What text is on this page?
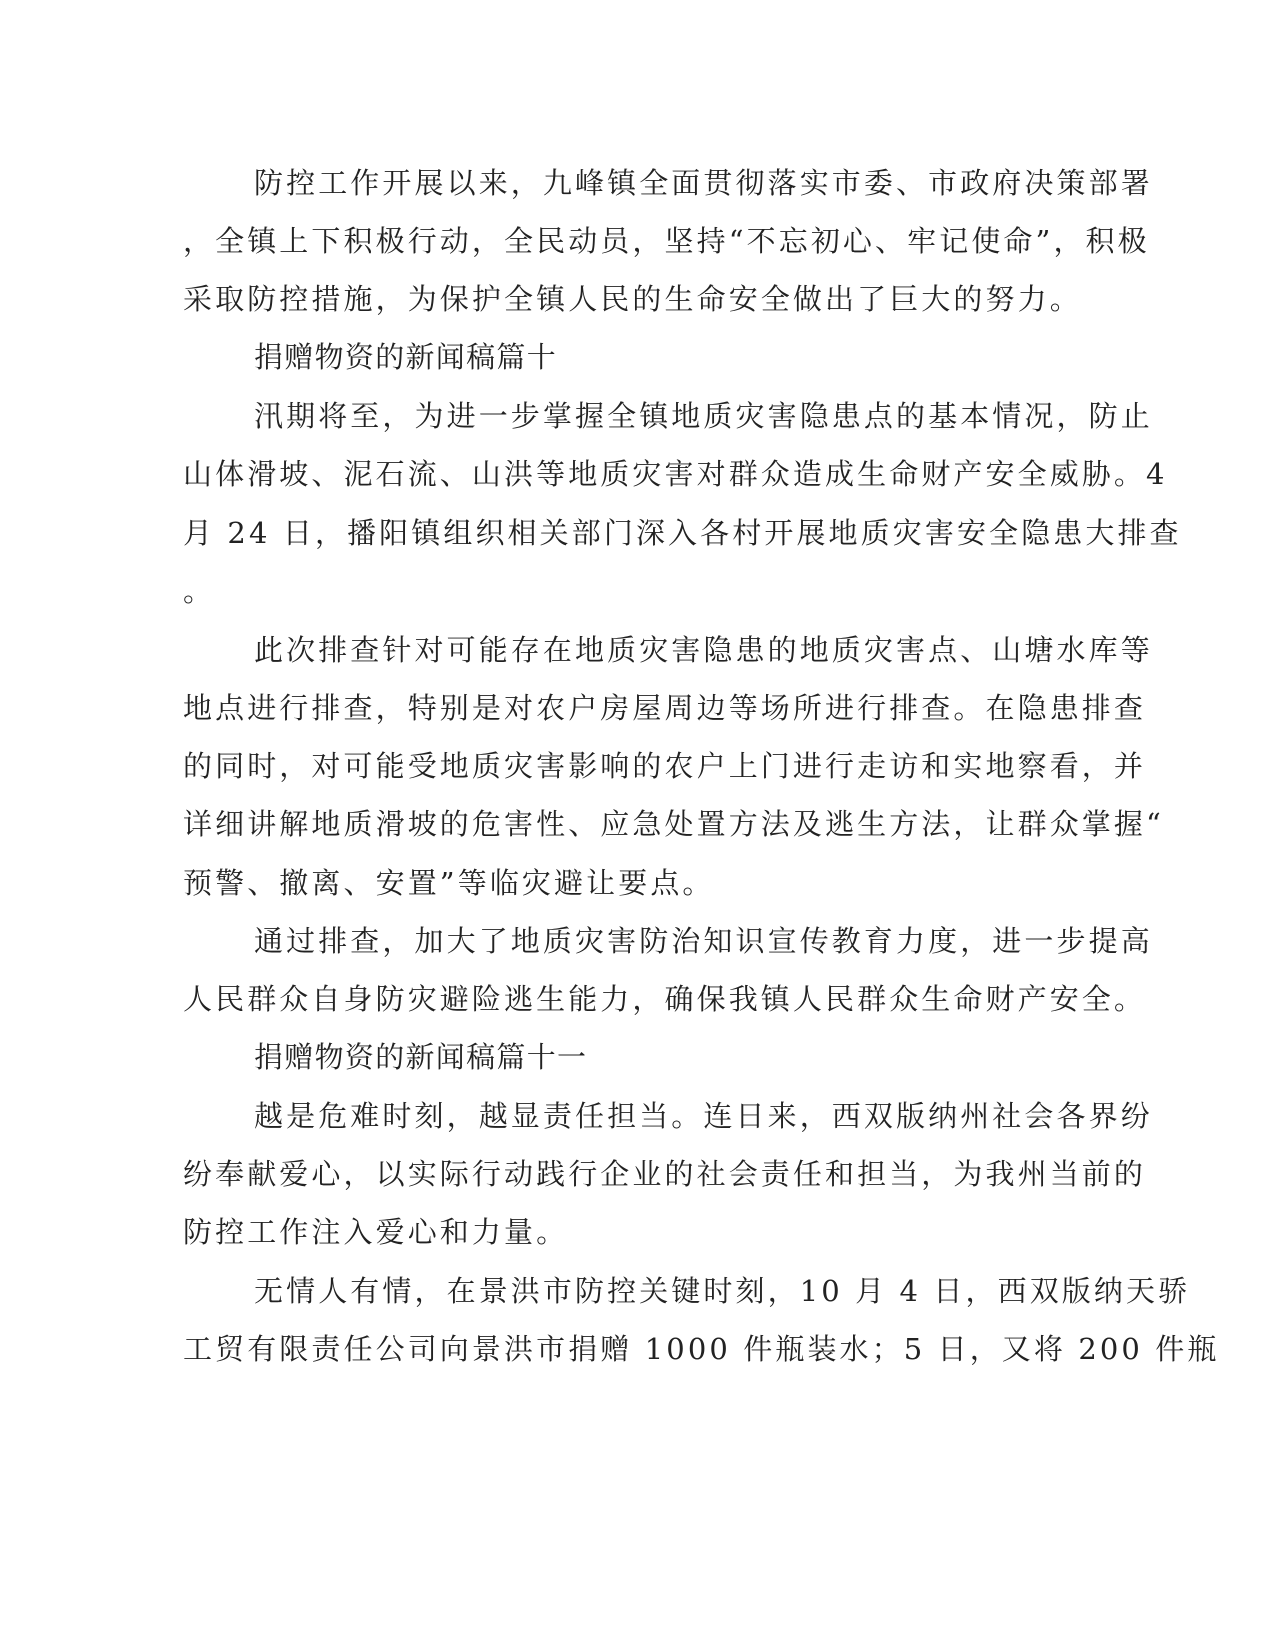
防控工作开展以来，九峰镇全面贯彻落实市委、市政府决策部署
，全镇上下积极行动，全民动员，坚持“不忘初心、牢记使命”，积极
采取防控措施，为保护全镇人民的生命安全做出了巨大的努力。
捐赠物资的新闻稿篇十
汛期将至，为进一步掌握全镇地质灾害隐患点的基本情况，防止
山体滑坡、泥石流、山洪等地质灾害对群众造成生命财产安全威胁。4
月 24 日，播阳镇组织相关部门深入各村开展地质灾害安全隐患大排查
。
此次排查针对可能存在地质灾害隐患的地质灾害点、山塘水库等
地点进行排查，特别是对农户房屋周边等场所进行排查。在隐患排查
的同时，对可能受地质灾害影响的农户上门进行走访和实地察看，并
详细讲解地质滑坡的危害性、应急处置方法及逃生方法，让群众掌握“
预警、撤离、安置”等临灾避让要点。
通过排查，加大了地质灾害防治知识宣传教育力度，进一步提高
人民群众自身防灾避险逃生能力，确保我镇人民群众生命财产安全。
捐赠物资的新闻稿篇十一
越是危难时刻，越显责任担当。连日来，西双版纳州社会各界纷
纷奉献爱心，以实际行动践行企业的社会责任和担当，为我州当前的
防控工作注入爱心和力量。
无情人有情，在景洪市防控关键时刻，10 月 4 日，西双版纳天骄
工贸有限责任公司向景洪市捐赠 1000 件瓶装水；5 日，又将 200 件瓶
